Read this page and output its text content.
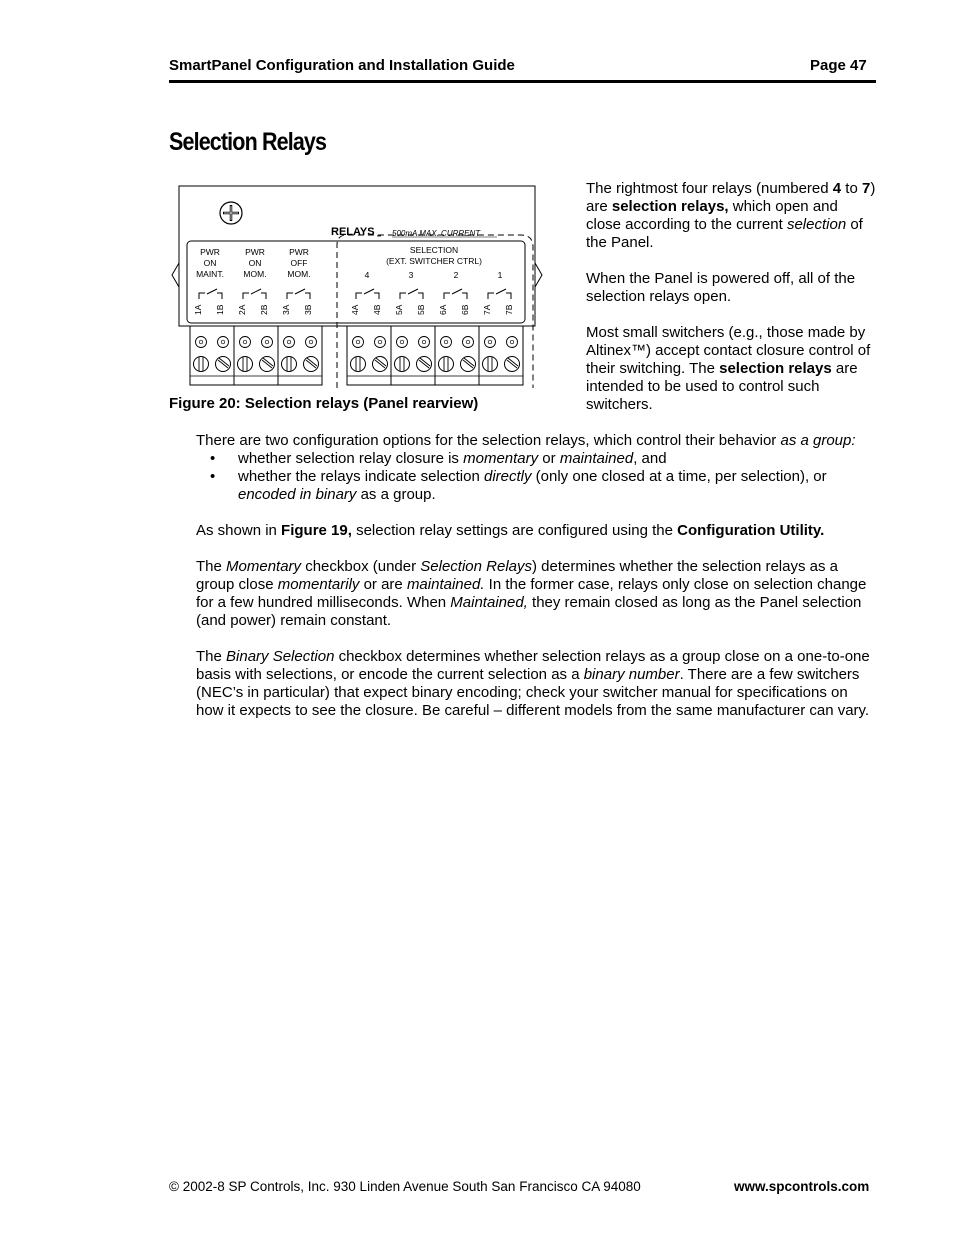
SmartPanel Configuration and Installation Guide	Page 47
Selection Relays
RELAYS 500mA MAX. CURRENT
PWR
ON
MAINT.
PWR
ON
MOM.
PWR
OFF
MOM.
SELECTION
(EXT. SWITCHER CTRL)
4	3	2	1
1A 1B 2A 2B 3A 3B	4A 4B 5A 5B 6A 6B 7A 7B
Figure 20: Selection relays (Panel rearview)

The rightmost four relays (numbered 4 to 7) are selection relays, which open and close according to the current selection of the Panel.

When the Panel is powered off, all of the selection relays open.

Most small switchers (e.g., those made by Altinex™) accept contact closure control of their switching. The selection relays are intended to be used to control such switchers.

There are two configuration options for the selection relays, which control their behavior as a group:

• whether selection relay closure is momentary or maintained, and
• whether the relays indicate selection directly (only one closed at a time, per selection), or encoded in binary as a group.

As shown in Figure 19, selection relay settings are configured using the Configuration Utility.

The Momentary checkbox (under Selection Relays) determines whether the selection relays as a group close momentarily or are maintained. In the former case, relays only close on selection change for a few hundred milliseconds. When Maintained, they remain closed as long as the Panel selection (and power) remain constant.

The Binary Selection checkbox determines whether selection relays as a group close on a one-to-one basis with selections, or encode the current selection as a binary number. There are a few switchers (NEC’s in particular) that expect binary encoding; check your switcher manual for specifications on how it expects to see the closure. Be careful – different models from the same manufacturer can vary.

© 2002-8 SP Controls, Inc. 930 Linden Avenue South San Francisco CA 94080	www.spcontrols.com
